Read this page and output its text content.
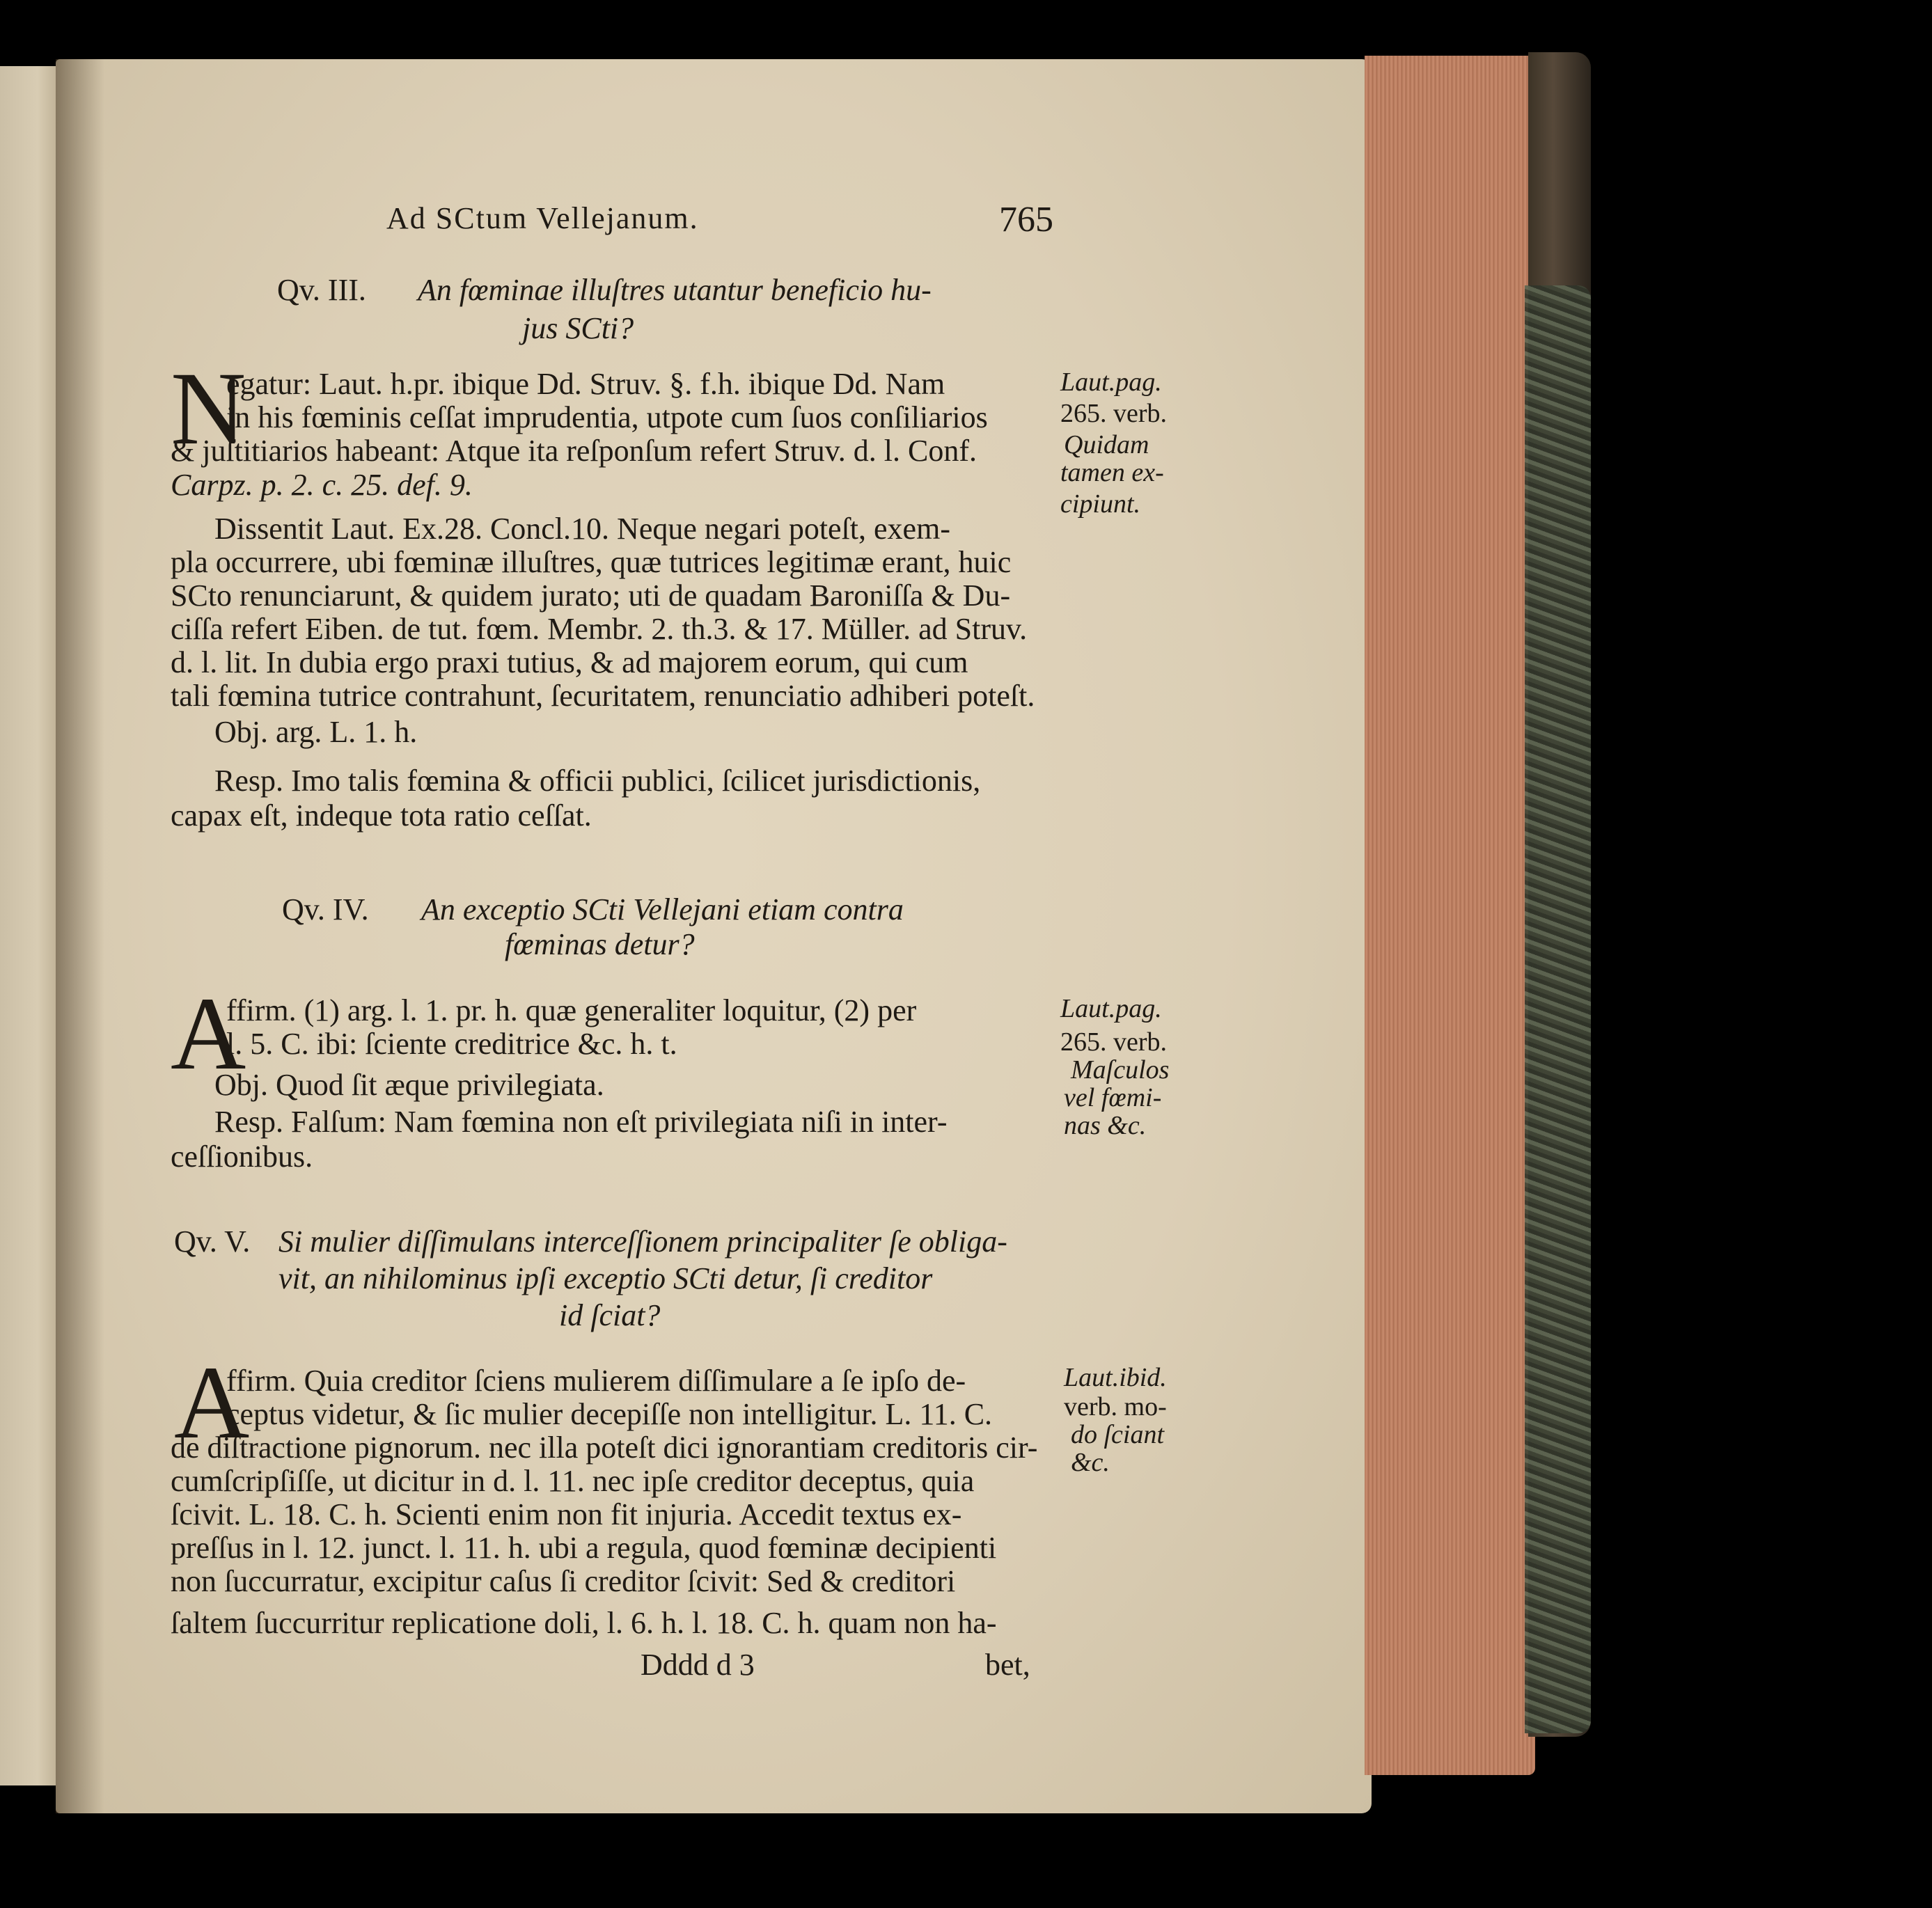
Ad SCtum Vellejanum.	765
Qv. III. An fœminae illuſtres utantur beneficio hu-
jus SCti?
N
egatur: Laut. h.pr. ibique Dd. Struv. §. f.h. ibique Dd. Nam
in his fœminis ceſſat imprudentia, utpote cum ſuos conſiliarios
& juſtitiarios habeant: Atque ita reſponſum refert Struv. d. l. Conf.
Carpz. p. 2. c. 25. def. 9.
Dissentit Laut. Ex.28. Concl.10. Neque negari poteſt, exem-
pla occurrere, ubi fœminæ illuſtres, quæ tutrices legitimæ erant, huic
SCto renunciarunt, & quidem jurato; uti de quadam Baroniſſa & Du-
ciſſa refert Eiben. de tut. fœm. Membr. 2. th.3. & 17. Müller. ad Struv.
d. l. lit. In dubia ergo praxi tutius, & ad majorem eorum, qui cum
tali fœmina tutrice contrahunt, ſecuritatem, renunciatio adhiberi poteſt.
Obj. arg. L. 1. h.
Resp. Imo talis fœmina & officii publici, ſcilicet jurisdictionis,
capax eſt, indeque tota ratio ceſſat.
Laut.pag.
265. verb.
Quidam
tamen ex-
cipiunt.
Qv. IV. An exceptio SCti Vellejani etiam contra
fœminas detur?
A
ffirm. (1) arg. l. 1. pr. h. quæ generaliter loquitur, (2) per
l. 5. C. ibi: ſciente creditrice &c. h. t.
Obj. Quod ſit æque privilegiata.
Resp. Falſum: Nam fœmina non eſt privilegiata niſi in inter-
ceſſionibus.
Laut.pag.
265. verb.
Maſculos
vel fœmi-
nas &c.
Qv. V. Si mulier diſſimulans interceſſionem principaliter ſe obliga-
vit, an nihilominus ipſi exceptio SCti detur, ſi creditor
id ſciat?
A
ffirm. Quia creditor ſciens mulierem diſſimulare a ſe ipſo de-
ceptus videtur, & ſic mulier decepiſſe non intelligitur. L. 11. C.
de diſtractione pignorum. nec illa poteſt dici ignorantiam creditoris cir-
cumſcripſiſſe, ut dicitur in d. l. 11. nec ipſe creditor deceptus, quia
ſcivit. L. 18. C. h. Scienti enim non fit injuria. Accedit textus ex-
preſſus in l. 12. junct. l. 11. h. ubi a regula, quod fœminæ decipienti
non ſuccurratur, excipitur caſus ſi creditor ſcivit: Sed & creditori
ſaltem ſuccurritur replicatione doli, l. 6. h. l. 18. C. h. quam non ha-
Laut.ibid.
verb. mo-
do ſciant
&c.
Dddd d 3	bet,
